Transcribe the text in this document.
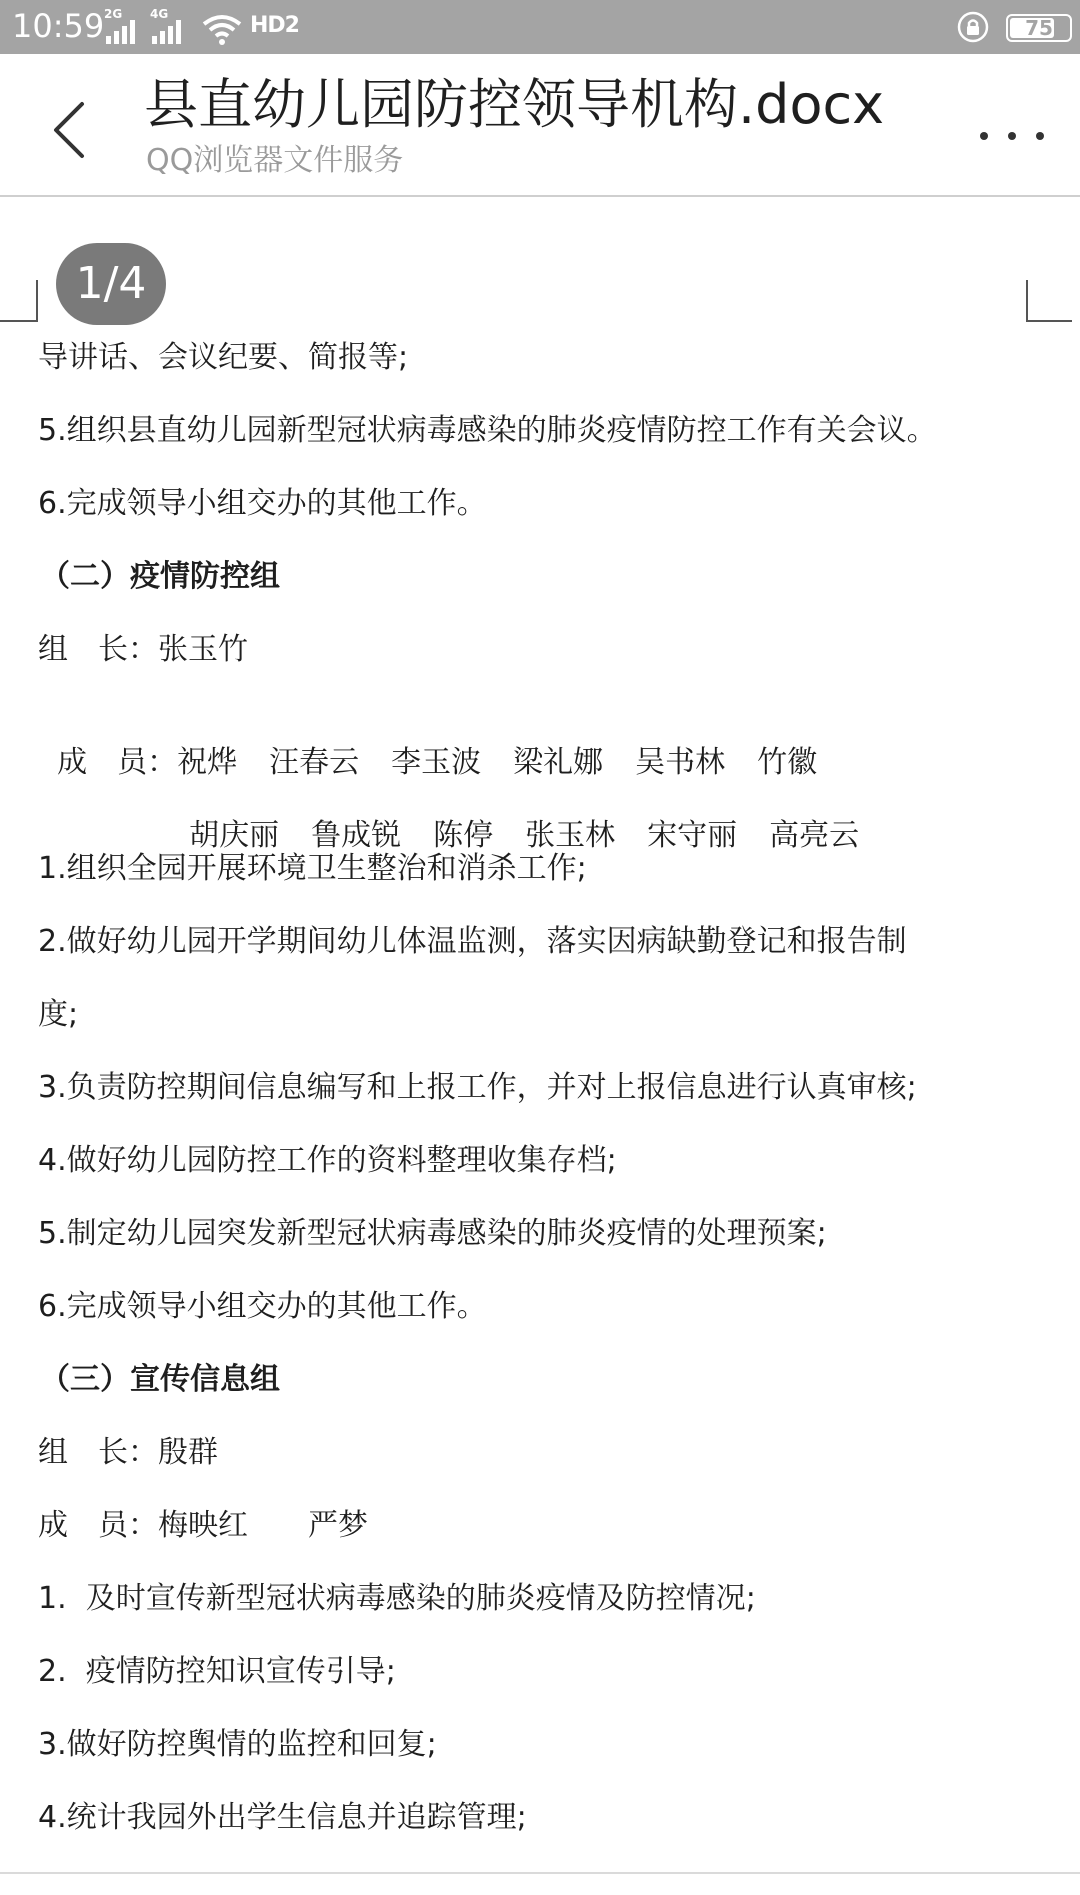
10:59 2G 4G	HD2	75
县直幼儿园防控领导机构.docx
QQ浏览器文件服务
1/4
导讲话、会议纪要、简报等;
5.组织县直幼儿园新型冠状病毒感染的肺炎疫情防控工作有关会议。
6.完成领导小组交办的其他工作。
（二）疫情防控组
组　长：张玉竹

成　员：祝烨 汪春云 李玉波 梁礼娜 吴书林 竹徽

胡庆丽 鲁成锐 陈停 张玉林 宋守丽 高亮云

1.组织全园开展环境卫生整治和消杀工作;
2.做好幼儿园开学期间幼儿体温监测，落实因病缺勤登记和报告制
度;
3.负责防控期间信息编写和上报工作，并对上报信息进行认真审核;
4.做好幼儿园防控工作的资料整理收集存档;
5.制定幼儿园突发新型冠状病毒感染的肺炎疫情的处理预案;
6.完成领导小组交办的其他工作。
（三）宣传信息组
组　长：殷群
成　员：梅映红　　严梦
1.  及时宣传新型冠状病毒感染的肺炎疫情及防控情况;
2.  疫情防控知识宣传引导;
3.做好防控舆情的监控和回复;
4.统计我园外出学生信息并追踪管理;
